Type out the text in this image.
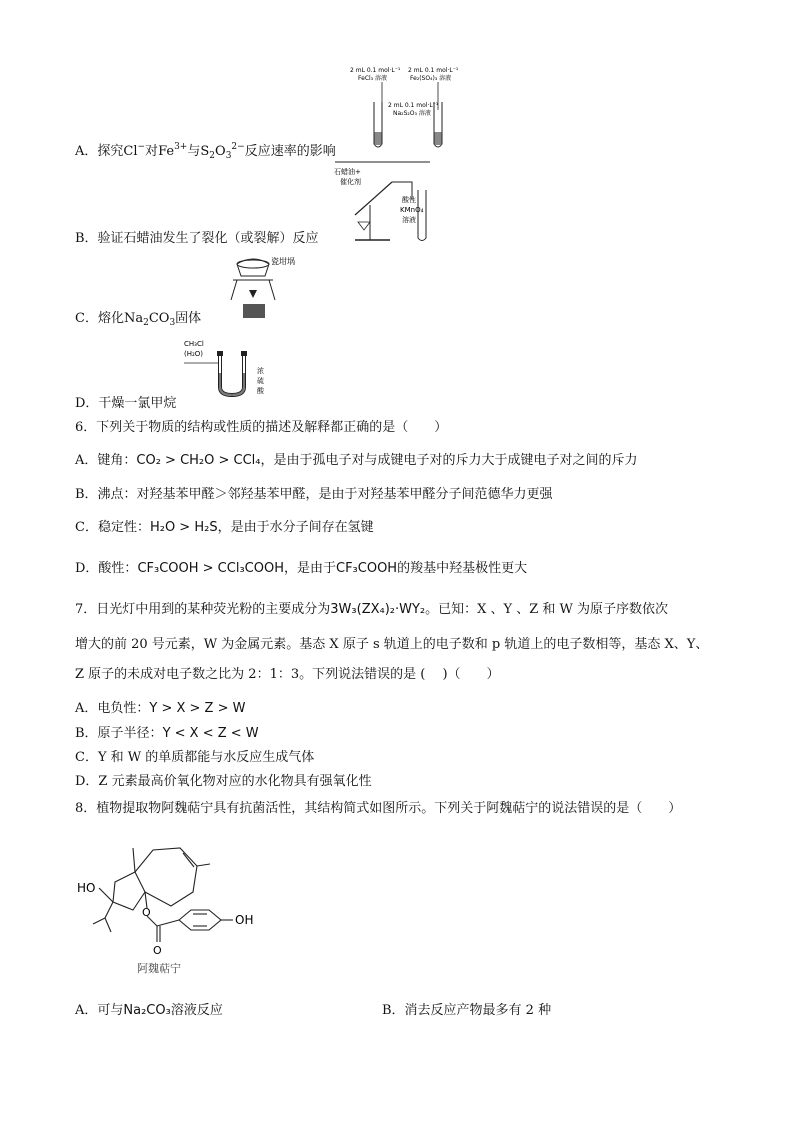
2 mL 0.1 mol·L⁻¹
FeCl₃ 溶液
2 mL 0.1 mol·L⁻¹
Fe₂(SO₄)₃ 溶液
2 mL 0.1 mol·L⁻¹
Na₂S₂O₃ 溶液
A．探究Cl−对$Fe^{3+}$与$S_2O_3^{2-}$反应速率的影响
石蜡油+
催化剂
酸性
KMnO₄
溶液
B．验证石蜡油发生了裂化（或裂解）反应
瓷坩埚
C．熔化$Na_2CO_3$固体
CH₃Cl
(H₂O)
浓
硫
酸
D．干燥一氯甲烷
6．下列关于物质的结构或性质的描述及解释都正确的是（　　）
A．键角：CO₂ > CH₂O > CCl₄，是由于孤电子对与成键电子对的斥力大于成键电子对之间的斥力
B．沸点：对羟基苯甲醛＞邻羟基苯甲醛，是由于对羟基苯甲醛分子间范德华力更强
C．稳定性：H₂O > H₂S，是由于水分子间存在氢键
D．酸性：CF₃COOH > CCl₃COOH，是由于CF₃COOH的羧基中羟基极性更大
7．日光灯中用到的某种荧光粉的主要成分为3W₃(ZX₄)₂·WY₂。已知：X 、Y 、Z 和 W 为原子序数依次
增大的前 20 号元素，W 为金属元素。基态 X 原子 s 轨道上的电子数和 p 轨道上的电子数相等，基态 X、Y、
Z 原子的未成对电子数之比为 2：1：3。下列说法错误的是 (　 )（　　）
A．电负性：Y > X > Z > W
B．原子半径：Y < X < Z < W
C．Y 和 W 的单质都能与水反应生成气体
D．Z 元素最高价氧化物对应的水化物具有强氧化性
8．植物提取物阿魏萜宁具有抗菌活性，其结构简式如图所示。下列关于阿魏萜宁的说法错误的是（　　）
HO
O
O
OH
阿魏萜宁
A．可与Na₂CO₃溶液反应	B．消去反应产物最多有 2 种
